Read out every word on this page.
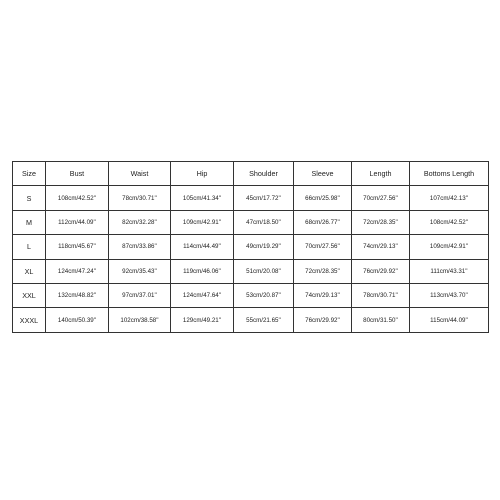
Size	Bust	Waist	Hip	Shoulder	Sleeve	Length	Bottoms Length
S	108cm/42.52''	78cm/30.71''	105cm/41.34''	45cm/17.72''	66cm/25.98''	70cm/27.56''	107cm/42.13''
M	112cm/44.09''	82cm/32.28''	109cm/42.91''	47cm/18.50''	68cm/26.77''	72cm/28.35''	108cm/42.52''
L	118cm/45.67''	87cm/33.86''	114cm/44.49''	49cm/19.29''	70cm/27.56''	74cm/29.13''	109cm/42.91''
XL	124cm/47.24''	92cm/35.43''	119cm/46.06''	51cm/20.08''	72cm/28.35''	76cm/29.92''	111cm/43.31''
XXL	132cm/48.82''	97cm/37.01''	124cm/47.64''	53cm/20.87''	74cm/29.13''	78cm/30.71''	113cm/43.70''
XXXL	140cm/50.39''	102cm/38.58''	129cm/49.21''	55cm/21.65''	76cm/29.92''	80cm/31.50''	115cm/44.09''
